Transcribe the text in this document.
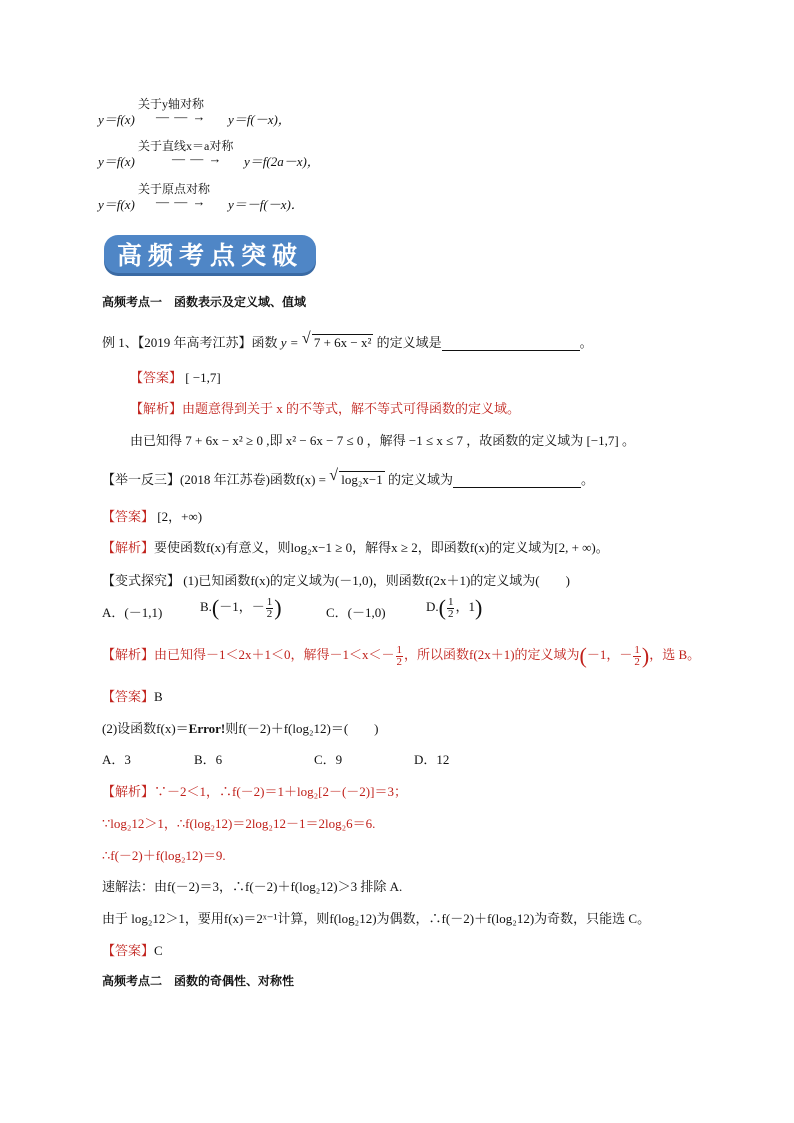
关于y轴对称
y＝f(x) — — → y＝f(－x)，
关于直线x＝a对称
y＝f(x)	— — → y＝f(2a－x)，
关于原点对称
y＝f(x) — — → y＝－f(－x)．
高频考点突破
高频考点一　函数表示及定义域、值域
例 1、【2019 年高考江苏】函数 y = √ 7 + 6x − x² 的定义域是	。
【答案】 [ −1,7]
【解析】由题意得到关于 x 的不等式，解不等式可得函数的定义域。
由已知得 7 + 6x − x² ≥ 0 ,即 x² − 6x − 7 ≤ 0 ，解得 −1 ≤ x ≤ 7 ，故函数的定义域为 [−1,7] 。
【举一反三】(2018 年江苏卷)函数f(x) = √ log₂x−1 的定义域为	。
【答案】 [2，+∞)
【解析】要使函数f(x)有意义，则log₂x−1 ≥ 0，解得x ≥ 2，即函数f(x)的定义域为[2, + ∞)。
【变式探究】 (1)已知函数f(x)的定义域为(－1,0)，则函数f(2x＋1)的定义域为(　　)
A．(－1,1)	B.(－1，－ $\frac{1}{2}$ )	C．(－1,0)	$D.( \frac{1}{2}$ ，1)
【解析】由已知得－1＜2x＋1＜0，解得$-1<x<- \frac{1}{2}$ ，所以函数f(2x＋1)的定义域为(－1，－ $\frac{1}{2}$ )，选 B。
【答案】B
(2)设函数f(x)＝Error!则f(－2)＋f(log₂12)＝(　　)
A．3	B．6	C．9	D．12
【解析】∵－2＜1，∴f(－2)＝1＋log₂[2－(－2)]＝3；
∵log₂12＞1，∴f(log₂12)＝2log₂12－1＝2log₂6＝6.
∴f(－2)＋f(log₂12)＝9.
速解法：由f(－2)＝3，∴f(－2)＋f(log₂12)＞3 排除 A.
由于 log₂12＞1，要用f(x)＝2ˣ⁻¹计算，则f(log₂12)为偶数，∴f(－2)＋f(log₂12)为奇数，只能选 C。
【答案】C
高频考点二　函数的奇偶性、对称性
